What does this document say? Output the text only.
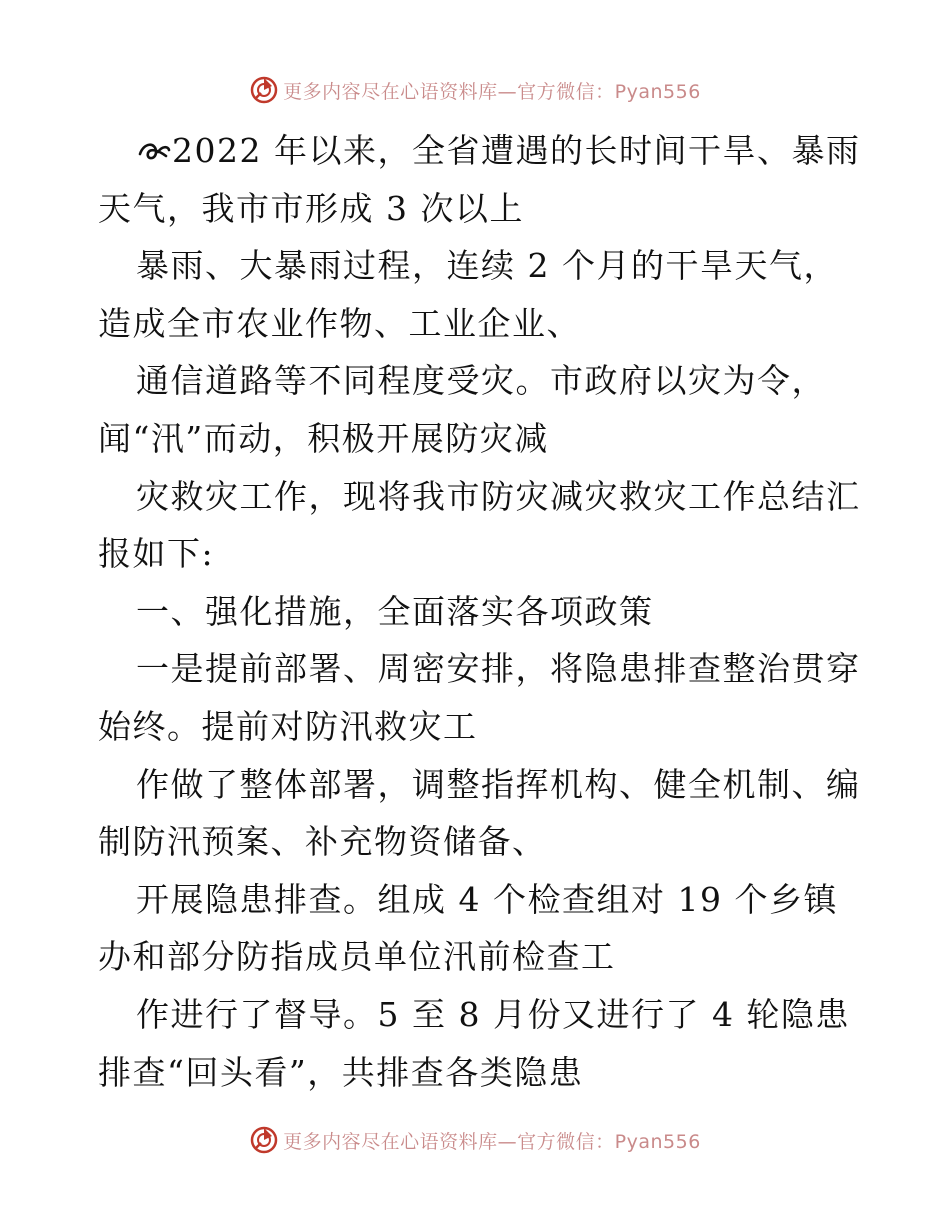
更多内容尽在心语资料库—官方微信：Pyan556
2022 年以来，全省遭遇的长时间干旱、暴雨
天气，我市市形成 3 次以上
暴雨、大暴雨过程，连续 2 个月的干旱天气，
造成全市农业作物、工业企业、
通信道路等不同程度受灾。市政府以灾为令，
闻“汛”而动，积极开展防灾减
灾救灾工作，现将我市防灾减灾救灾工作总结汇
报如下:
一、强化措施，全面落实各项政策
一是提前部署、周密安排，将隐患排查整治贯穿
始终。提前对防汛救灾工
作做了整体部署，调整指挥机构、健全机制、编
制防汛预案、补充物资储备、
开展隐患排查。组成 4 个检查组对 19 个乡镇
办和部分防指成员单位汛前检查工
作进行了督导。5 至 8 月份又进行了 4 轮隐患
排查“回头看”，共排查各类隐患
更多内容尽在心语资料库—官方微信：Pyan556
